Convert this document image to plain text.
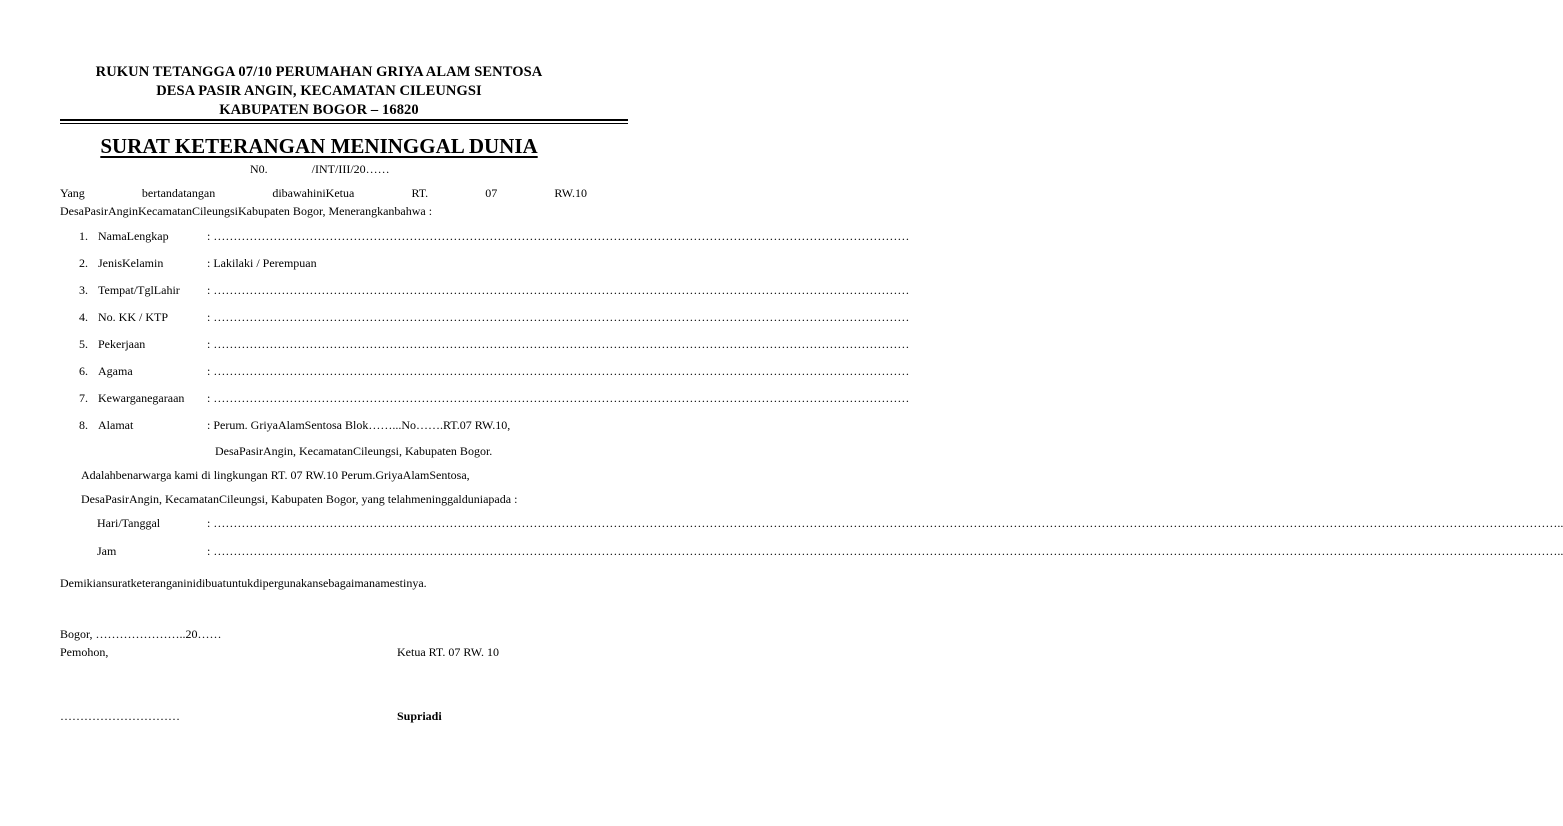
RUKUN TETANGGA 07/10 PERUMAHAN GRIYA ALAM SENTOSA
DESA PASIR ANGIN, KECAMATAN CILEUNGSI
KABUPATEN BOGOR – 16820
SURAT KETERANGAN MENINGGAL DUNIA
N0.	/INT/III/20……
Yang bertandatangan dibawahiniKetua RT. 07 RW.10
DesaPasirAnginKecamatanCileungsiKabupaten Bogor, Menerangkanbahwa :
1. NamaLengkap	: …………………………………………………………………………………………………………………………………………………………
2. JenisKelamin	: Lakilaki / Perempuan
3. Tempat/TglLahir : …………………………………………………………………………………………………………………………………………………………
4. No. KK / KTP	: …………………………………………………………………………………………………………………………………………………………
5. Pekerjaan	: …………………………………………………………………………………………………………………………………………………………
6. Agama	: …………………………………………………………………………………………………………………………………………………………
7. Kewarganegaraan : …………………………………………………………………………………………………………………………………………………………
8. Alamat	: Perum. GriyaAlamSentosa Blok……...No…….RT.07 RW.10,
DesaPasirAngin, KecamatanCileungsi, Kabupaten Bogor.
Adalahbenarwarga kami di lingkungan RT. 07 RW.10 Perum.GriyaAlamSentosa,
DesaPasirAngin, KecamatanCileungsi, Kabupaten Bogor, yang telahmeninggalduniapada :
Hari/Tanggal	: …………………………………………………………………………………………………………………………………………………………………………………………………………………………………………………………………………………………………………..
Jam	: …………………………………………………………………………………………………………………………………………………………………………………………………………………………………………………………………………………………………………..
Demikiansuratketeranganinidibuatuntukdipergunakansebagaimanamestinya.
Bogor, …………………..20……
Pemohon,	Ketua RT. 07 RW. 10
…………………………	Supriadi
